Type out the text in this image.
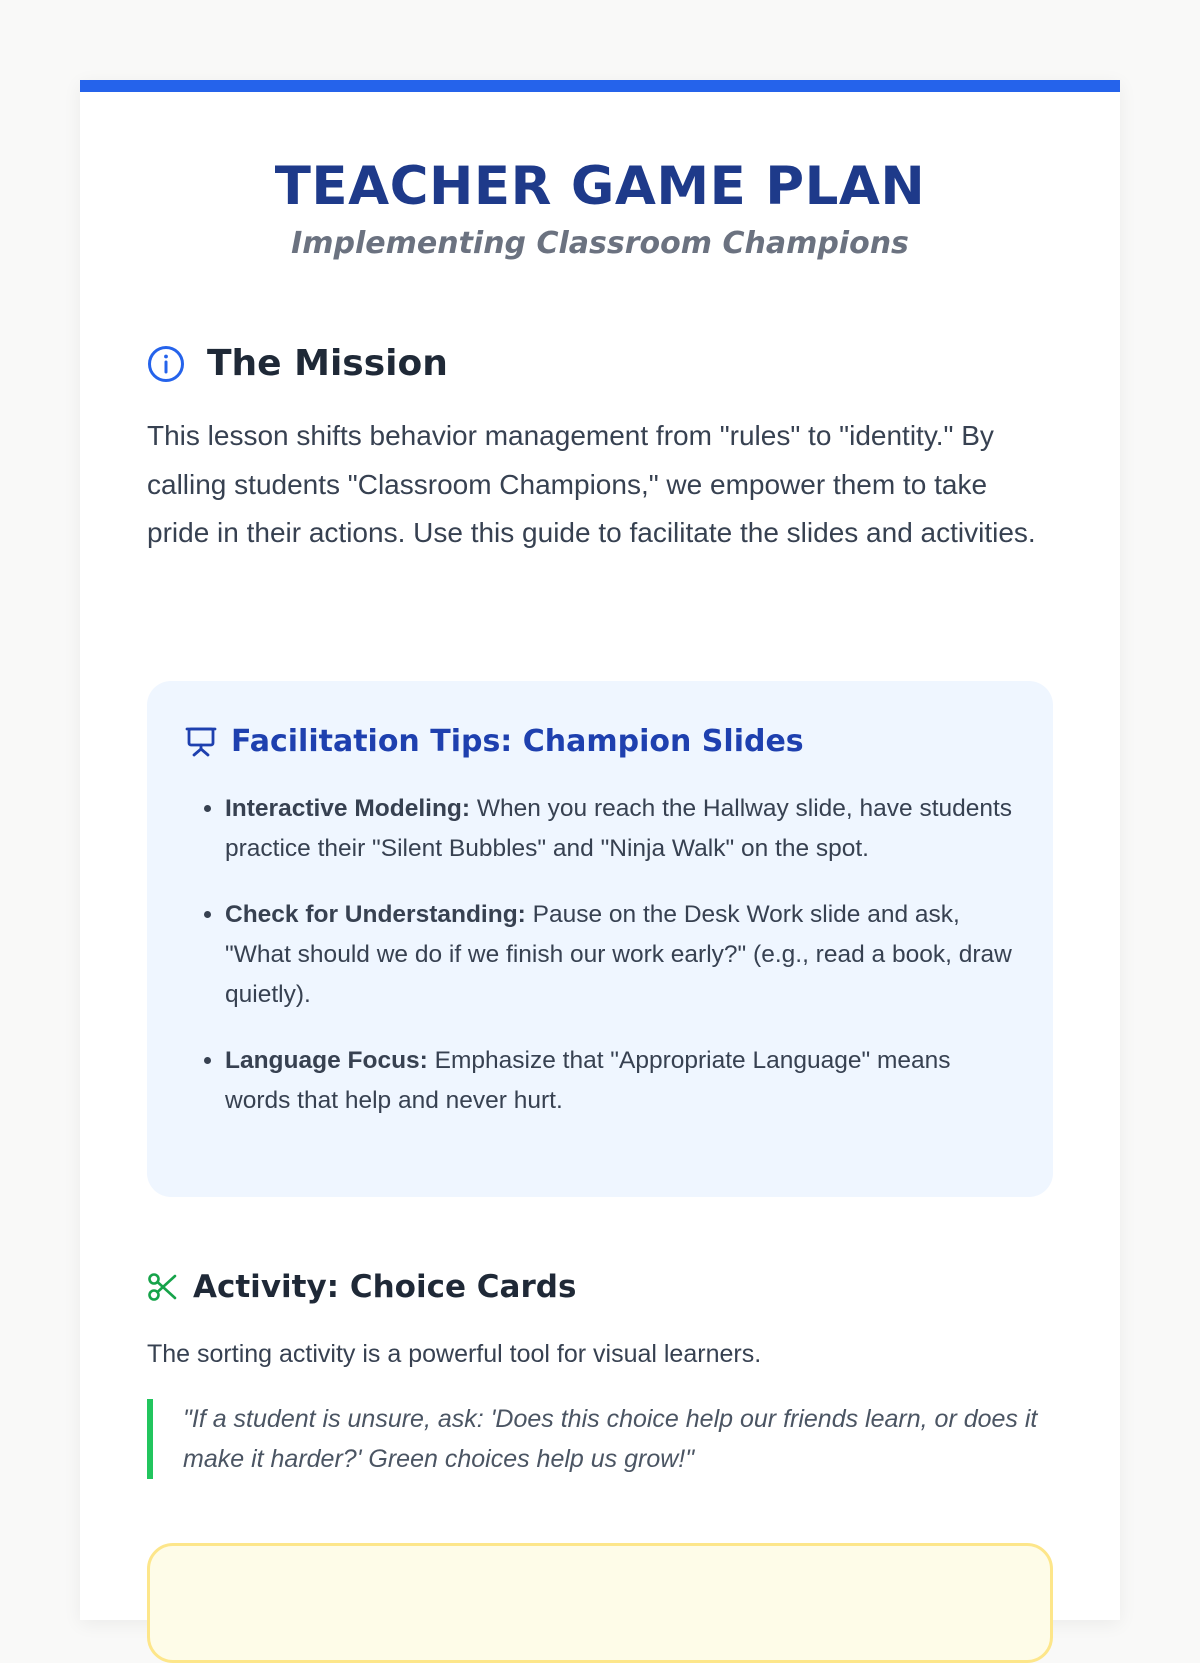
TEACHER GAME PLAN

Implementing Classroom Champions

The Mission

This lesson shifts behavior management from "rules" to "identity." By calling students "Classroom Champions," we empower them to take pride in their actions. Use this guide to facilitate the slides and activities.

Facilitation Tips: Champion Slides
• Interactive Modeling: When you reach the Hallway slide, have students practice their "Silent Bubbles" and "Ninja Walk" on the spot.
• Check for Understanding: Pause on the Desk Work slide and ask, "What should we do if we finish our work early?" (e.g., read a book, draw quietly).
• Language Focus: Emphasize that "Appropriate Language" means words that help and never hurt.
Activity: Choice Cards

The sorting activity is a powerful tool for visual learners.

"If a student is unsure, ask: 'Does this choice help our friends learn, or does it make it harder?' Green choices help us grow!"
